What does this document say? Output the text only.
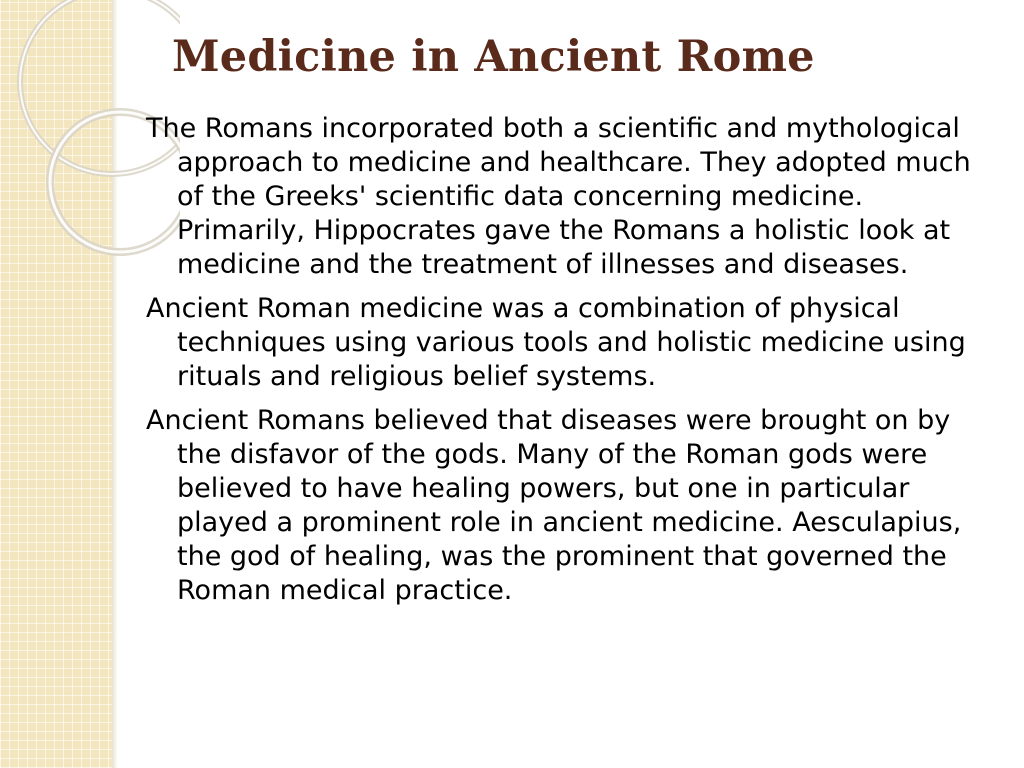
Medicine in Ancient Rome

The Romans incorporated both a scientific and mythological approach to medicine and healthcare. They adopted much of the Greeks' scientific data concerning medicine. Primarily, Hippocrates gave the Romans a holistic look at medicine and the treatment of illnesses and diseases.

Ancient Roman medicine was a combination of physical techniques using various tools and holistic medicine using rituals and religious belief systems.

Ancient Romans believed that diseases were brought on by the disfavor of the gods. Many of the Roman gods were believed to have healing powers, but one in particular played a prominent role in ancient medicine. Aesculapius, the god of healing, was the prominent that governed the Roman medical practice.
